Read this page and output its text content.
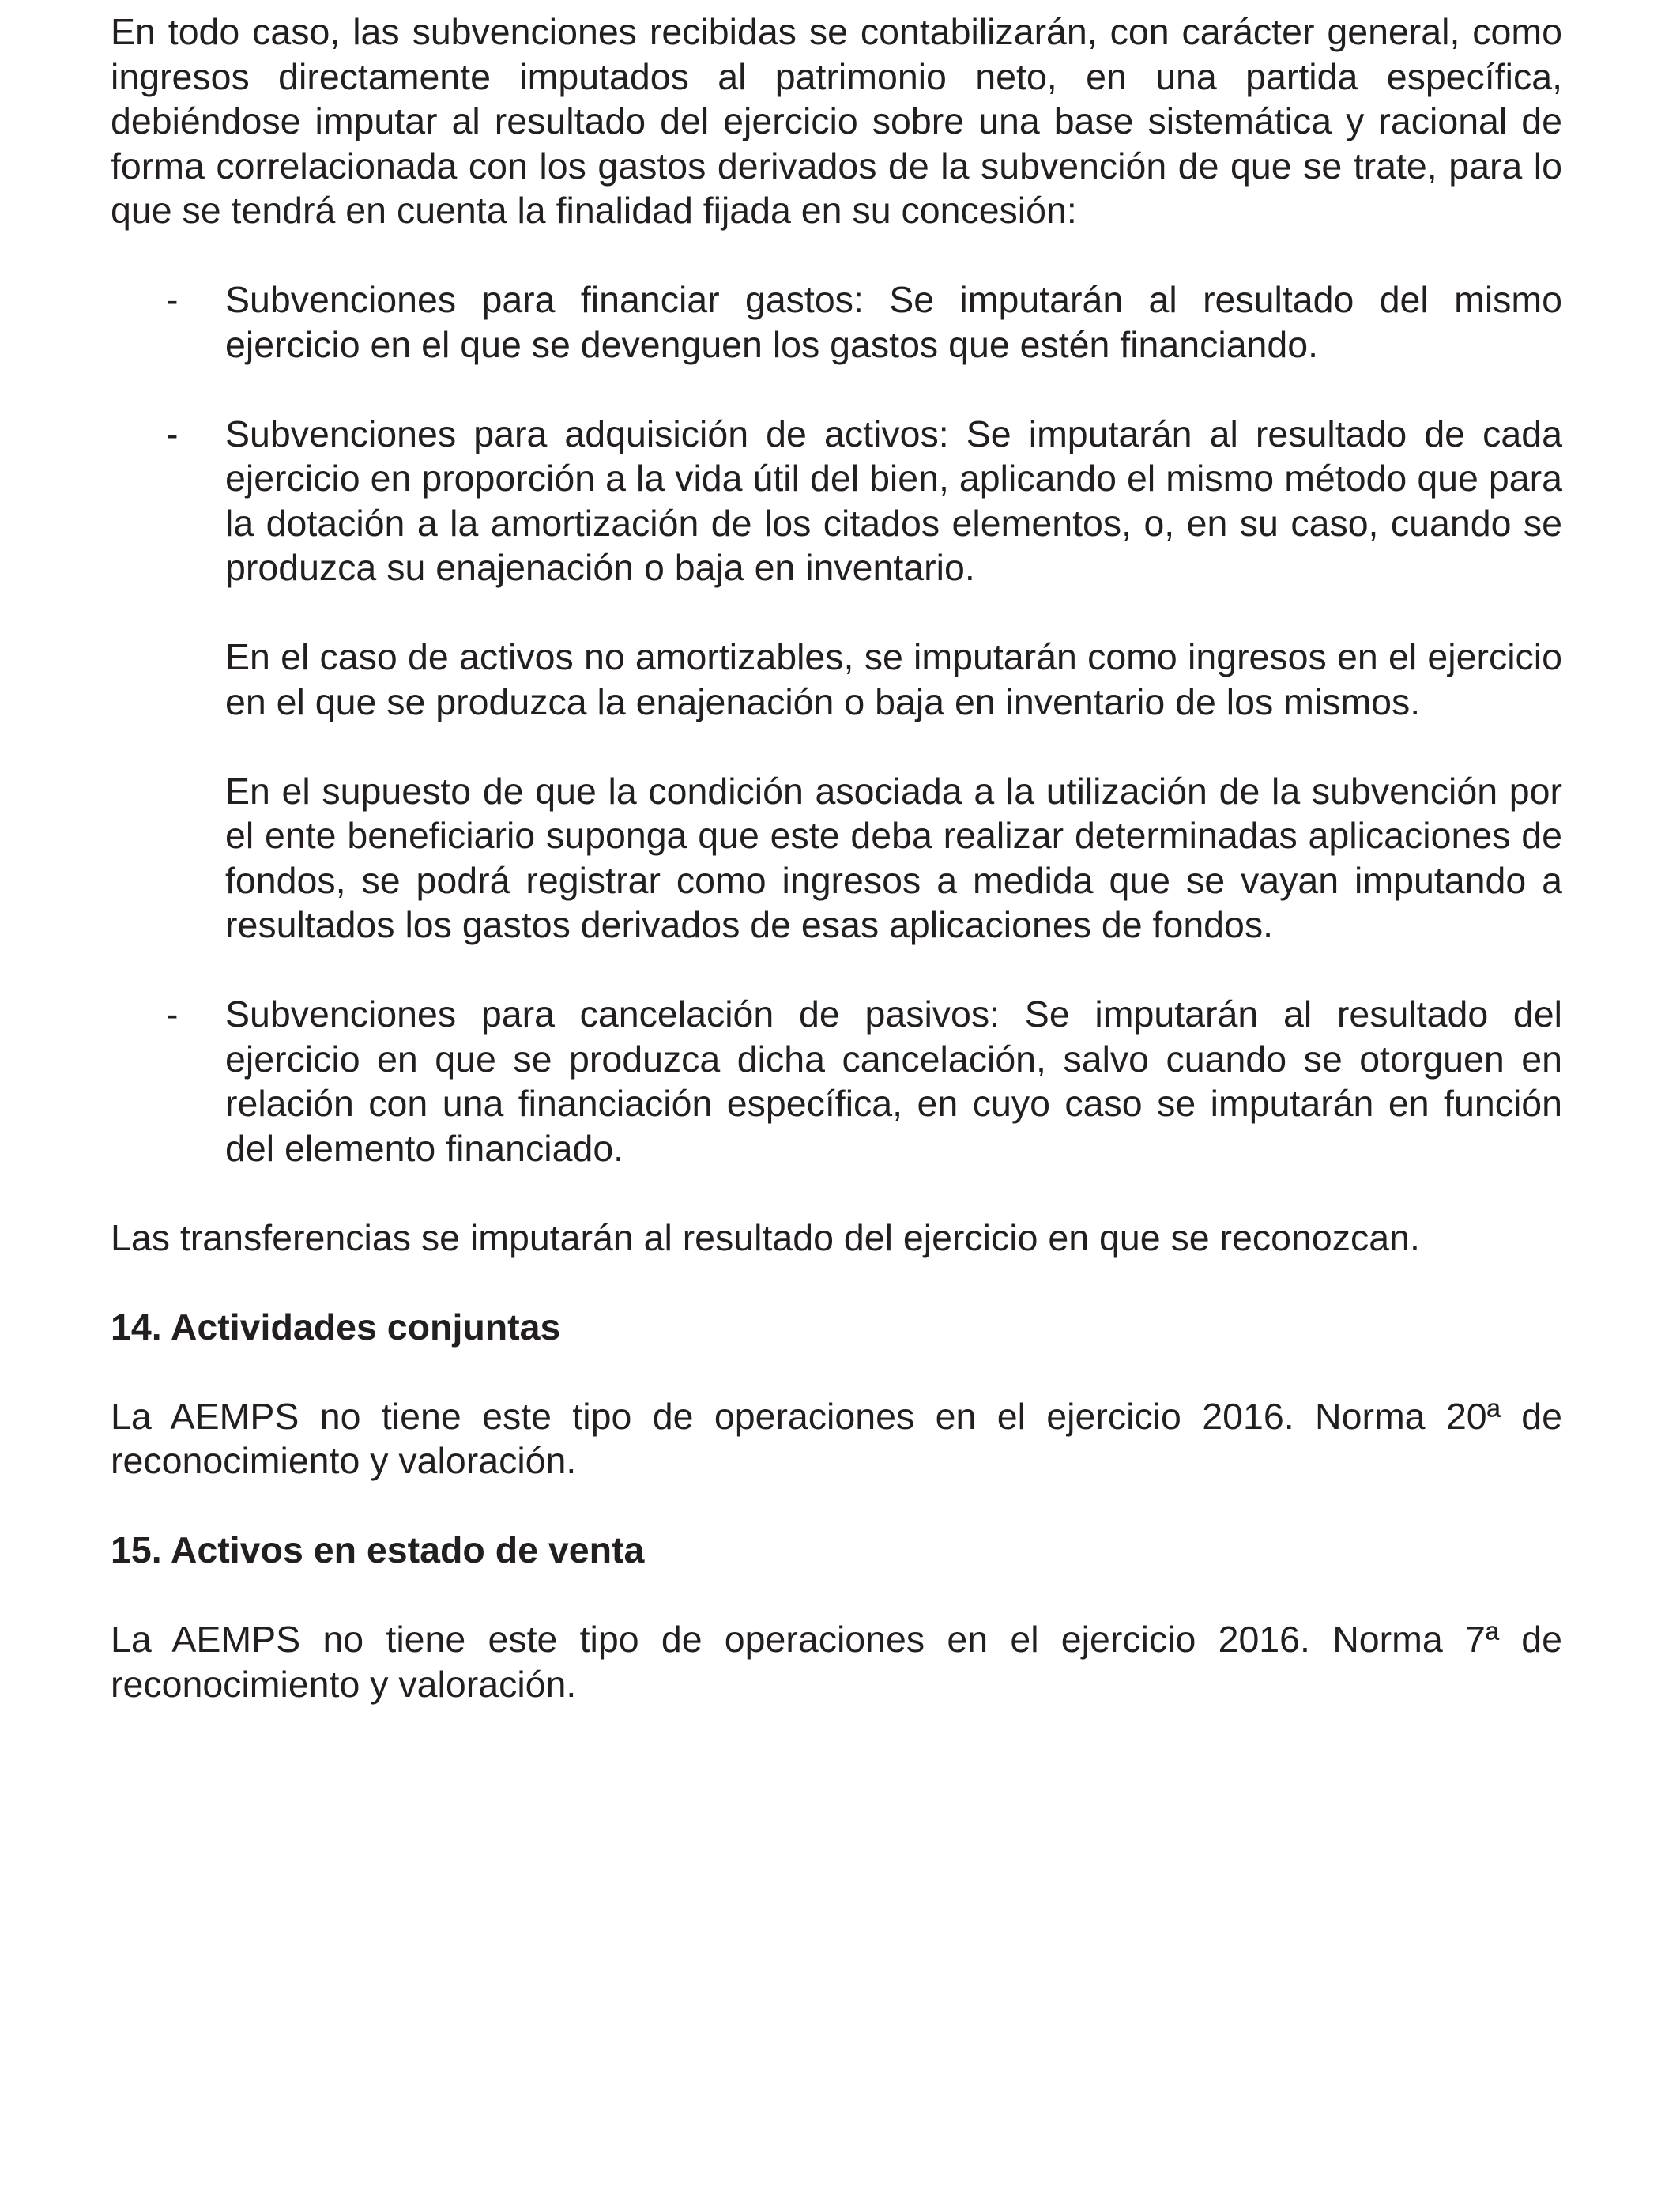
En todo caso, las subvenciones recibidas se contabilizarán, con carácter general, como ingresos directamente imputados al patrimonio neto, en una partida específica, debiéndose imputar al resultado del ejercicio sobre una base sistemática y racional de forma correlacionada con los gastos derivados de la subvención de que se trate, para lo que se tendrá en cuenta la finalidad fijada en su concesión:

- Subvenciones para financiar gastos: Se imputarán al resultado del mismo ejercicio en el que se devenguen los gastos que estén financiando.

- Subvenciones para adquisición de activos: Se imputarán al resultado de cada ejercicio en proporción a la vida útil del bien, aplicando el mismo método que para la dotación a la amortización de los citados elementos, o, en su caso, cuando se produzca su enajenación o baja en inventario.

En el caso de activos no amortizables, se imputarán como ingresos en el ejercicio en el que se produzca la enajenación o baja en inventario de los mismos.

En el supuesto de que la condición asociada a la utilización de la subvención por el ente beneficiario suponga que este deba realizar determinadas aplicaciones de fondos, se podrá registrar como ingresos a medida que se vayan imputando a resultados los gastos derivados de esas aplicaciones de fondos.

- Subvenciones para cancelación de pasivos: Se imputarán al resultado del ejercicio en que se produzca dicha cancelación, salvo cuando se otorguen en relación con una financiación específica, en cuyo caso se imputarán en función del elemento financiado.

Las transferencias se imputarán al resultado del ejercicio en que se reconozcan.

14. Actividades conjuntas

La AEMPS no tiene este tipo de operaciones en el ejercicio 2016. Norma 20ª de reconocimiento y valoración.

15. Activos en estado de venta

La AEMPS no tiene este tipo de operaciones en el ejercicio 2016. Norma 7ª de reconocimiento y valoración.
